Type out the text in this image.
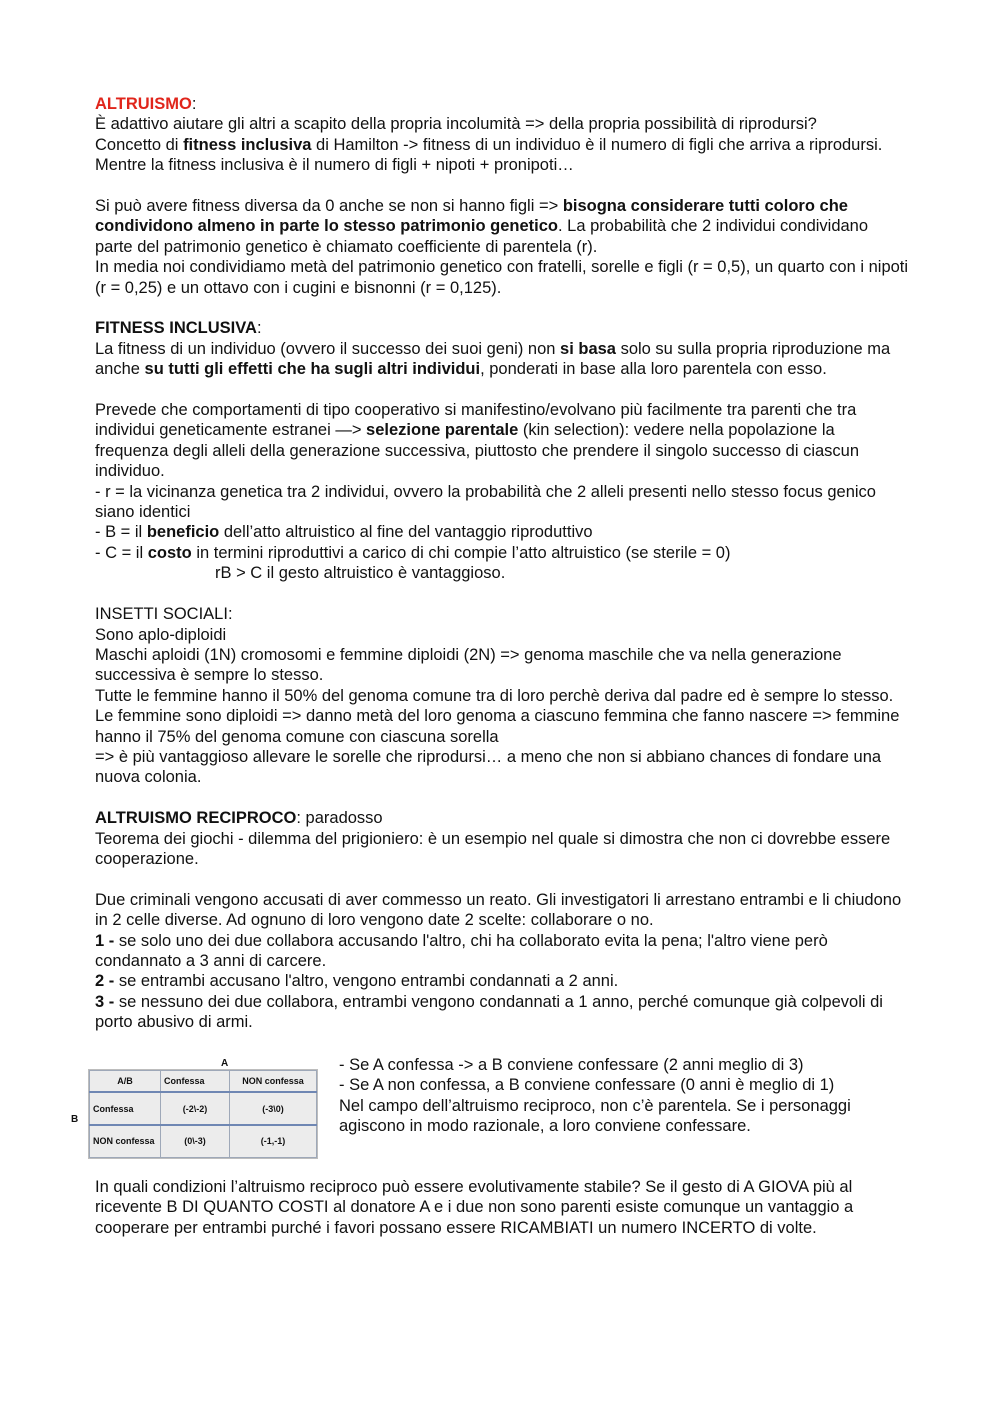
ALTRUISMO:

È adattivo aiutare gli altri a scapito della propria incolumità => della propria possibilità di riprodursi?

Concetto di fitness inclusiva di Hamilton -> fitness di un individuo è il numero di figli che arriva a riprodursi. Mentre la fitness inclusiva è il numero di figli + nipoti + pronipoti…

Si può avere fitness diversa da 0 anche se non si hanno figli => bisogna considerare tutti coloro che condividono almeno in parte lo stesso patrimonio genetico. La probabilità che 2 individui condividano parte del patrimonio genetico è chiamato coefficiente di parentela (r).

In media noi condividiamo metà del patrimonio genetico con fratelli, sorelle e figli (r = 0,5), un quarto con i nipoti (r = 0,25) e un ottavo con i cugini e bisnonni (r = 0,125).

FITNESS INCLUSIVA:

La fitness di un individuo (ovvero il successo dei suoi geni) non si basa solo su sulla propria riproduzione ma anche su tutti gli effetti che ha sugli altri individui, ponderati in base alla loro parentela con esso.

Prevede che comportamenti di tipo cooperativo si manifestino/evolvano più facilmente tra parenti che tra individui geneticamente estranei —> selezione parentale (kin selection): vedere nella popolazione la frequenza degli alleli della generazione successiva, piuttosto che prendere il singolo successo di ciascun individuo.

- r = la vicinanza genetica tra 2 individui, ovvero la probabilità che 2 alleli presenti nello stesso focus genico siano identici

- B = il beneficio dell’atto altruistico al fine del vantaggio riproduttivo

- C = il costo in termini riproduttivi a carico di chi compie l’atto altruistico (se sterile = 0)

rB > C il gesto altruistico è vantaggioso.

INSETTI SOCIALI:

Sono aplo-diploidi

Maschi aploidi (1N) cromosomi e femmine diploidi (2N) => genoma maschile che va nella generazione successiva è sempre lo stesso.

Tutte le femmine hanno il 50% del genoma comune tra di loro perchè deriva dal padre ed è sempre lo stesso. Le femmine sono diploidi => danno metà del loro genoma a ciascuno femmina che fanno nascere => femmine hanno il 75% del genoma comune con ciascuna sorella

=> è più vantaggioso allevare le sorelle che riprodursi… a meno che non si abbiano chances di fondare una nuova colonia.

ALTRUISMO RECIPROCO: paradosso

Teorema dei giochi - dilemma del prigioniero: è un esempio nel quale si dimostra che non ci dovrebbe essere cooperazione.

Due criminali vengono accusati di aver commesso un reato. Gli investigatori li arrestano entrambi e li chiudono in 2 celle diverse. Ad ognuno di loro vengono date 2 scelte: collaborare o no.

1 - se solo uno dei due collabora accusando l'altro, chi ha collaborato evita la pena; l'altro viene però condannato a 3 anni di carcere.

2 - se entrambi accusano l'altro, vengono entrambi condannati a 2 anni.

3 - se nessuno dei due collabora, entrambi vengono condannati a 1 anno, perché comunque già colpevoli di porto abusivo di armi.

A
B
A/B	Confessa	NON confessa
Confessa	(-2\-2)	(-3\0)
NON confessa	(0\-3)	(-1,-1)

- Se A confessa -> a B conviene confessare (2 anni meglio di 3)

- Se A non confessa, a B conviene confessare (0 anni è meglio di 1)

Nel campo dell’altruismo reciproco, non c’è parentela. Se i personaggi agiscono in modo razionale, a loro conviene confessare.

In quali condizioni l’altruismo reciproco può essere evolutivamente stabile? Se il gesto di A GIOVA più al ricevente B DI QUANTO COSTI al donatore A e i due non sono parenti esiste comunque un vantaggio a cooperare per entrambi purché i favori possano essere RICAMBIATI un numero INCERTO di volte.
